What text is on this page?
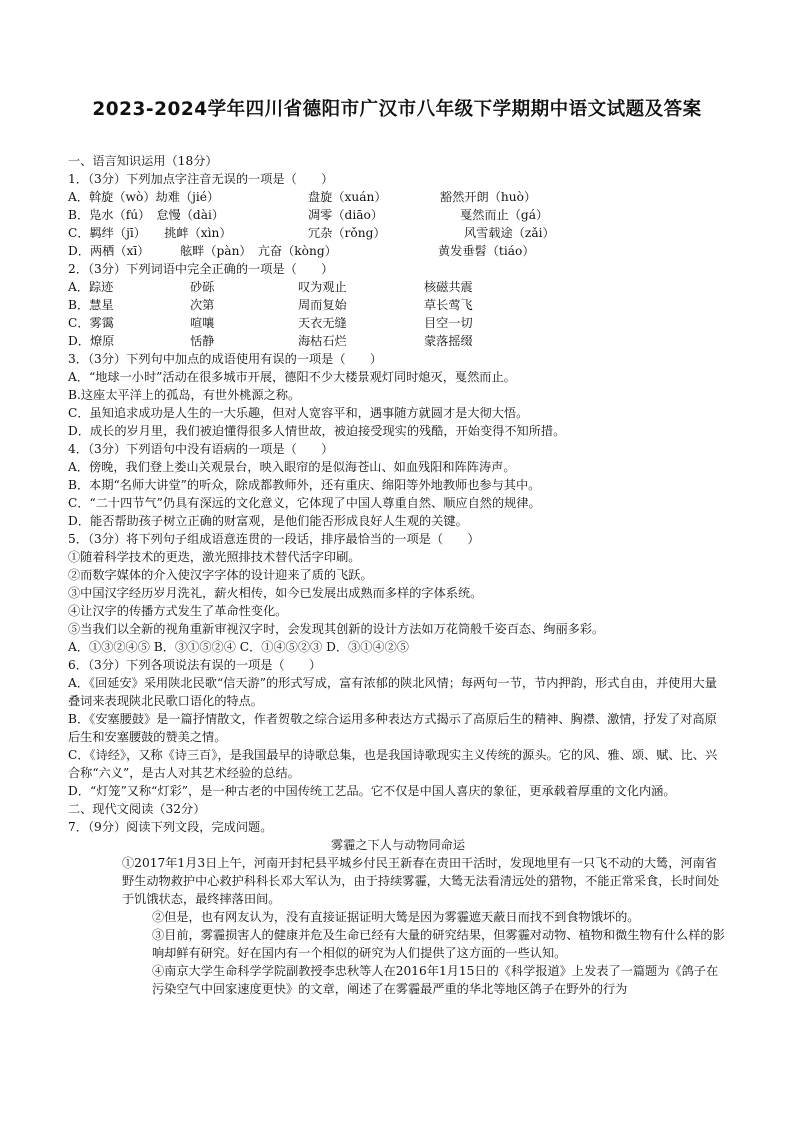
2023-2024学年四川省德阳市广汉市八年级下学期期中语文试题及答案
一、语言知识运用（18分）
1．（3分）下列加点字注音无误的一项是（　　）
A．斡旋（wò）劫难（jié）	盘旋（xuán）	豁然开朗（huò）
B．凫水（fú）　怠慢（dài）	凋零（diāo）	戛然而止（gá）
C．羁绊（jī）　　挑衅（xìn）	冗杂（rǒng）	风雪载途（zǎi）
D．两栖（xī）　　　舷畔（pàn）　亢奋（kòng）	黄发垂髫（tiáo）
2．（3分）下列词语中完全正确的一项是（　　）
A．踪迹	砂砾	叹为观止	核磁共震
B．慧星	次第	周而复始	草长莺飞
C．雾霭	喧嚷	天衣无缝	目空一切
D．燎原	恬静	海枯石烂	蒙落摇缀
3．（3分）下列句中加点的成语使用有误的一项是（　　）
A．“地球一小时”活动在很多城市开展，德阳不少大楼景观灯同时熄灭，戛然而止。
B.这座太平洋上的孤岛，有世外桃源之称。
C．虽知追求成功是人生的一大乐趣，但对人宽容平和，遇事随方就圆才是大彻大悟。
D．成长的岁月里，我们被迫懂得很多人情世故，被迫接受现实的残酷，开始变得不知所措。
4．（3分）下列语句中没有语病的一项是（　　）
A．傍晚，我们登上娄山关观景台，映入眼帘的是似海苍山、如血残阳和阵阵涛声。
B．本期“名师大讲堂”的听众，除成都教师外，还有重庆、绵阳等外地教师也参与其中。
C．“二十四节气”仍具有深远的文化意义，它体现了中国人尊重自然、顺应自然的规律。
D．能否帮助孩子树立正确的财富观，是他们能否形成良好人生观的关键。
5．（3分）将下列句子组成语意连贯的一段话，排序最恰当的一项是（　　）
①随着科学技术的更迭，激光照排技术替代活字印刷。
②而数字媒体的介入使汉字字体的设计迎来了质的飞跃。
③中国汉字经历岁月洗礼，薪火相传，如今已发展出成熟而多样的字体系统。
④让汉字的传播方式发生了革命性变化。
⑤当我们以全新的视角重新审视汉字时，会发现其创新的设计方法如万花筒般千姿百态、绚丽多彩。
A．①③②④⑤ B．③①⑤②④ C．①④⑤②③ D．③①④②⑤
6．（3分）下列各项说法有误的一项是（　　）
A．《回延安》采用陕北民歌“信天游”的形式写成，富有浓郁的陕北风情；每两句一节，节内押韵，形式自由，并使用大量叠词来表现陕北民歌口语化的特点。
B．《安塞腰鼓》是一篇抒情散文，作者贺敬之综合运用多种表达方式揭示了高原后生的精神、胸襟、激情，抒发了对高原后生和安塞腰鼓的赞美之情。
C．《诗经》，又称《诗三百》，是我国最早的诗歌总集，也是我国诗歌现实主义传统的源头。它的风、雅、颂、赋、比、兴合称“六义”，是古人对其艺术经验的总结。
D．“灯笼”又称“灯彩”，是一种古老的中国传统工艺品。它不仅是中国人喜庆的象征，更承载着厚重的文化内涵。
二、现代文阅读（32分）
7．（9分）阅读下列文段，完成问题。
雾霾之下人与动物同命运
①2017年1月3日上午，河南开封杞县平城乡付民王新春在责田干活时，发现地里有一只飞不动的大鸶，河南省野生动物救护中心救护科科长邓大军认为，由于持续雾霾，大鸶无法看清远处的猎物，不能正常采食，长时间处于饥饿状态，最终摔落田间。
②但是，也有网友认为，没有直接证据证明大鸶是因为雾霾遮天蔽日而找不到食物饿坏的。
③目前，雾霾损害人的健康并危及生命已经有大量的研究结果，但雾霾对动物、植物和微生物有什么样的影响却鲜有研究。好在国内有一个相似的研究为人们提供了这方面的一些认知。
④南京大学生命科学学院副教授李忠秋等人在2016年1月15日的《科学报道》上发表了一篇题为《鸽子在污染空气中回家速度更快》的文章，阐述了在雾霾最严重的华北等地区鸽子在野外的行为
